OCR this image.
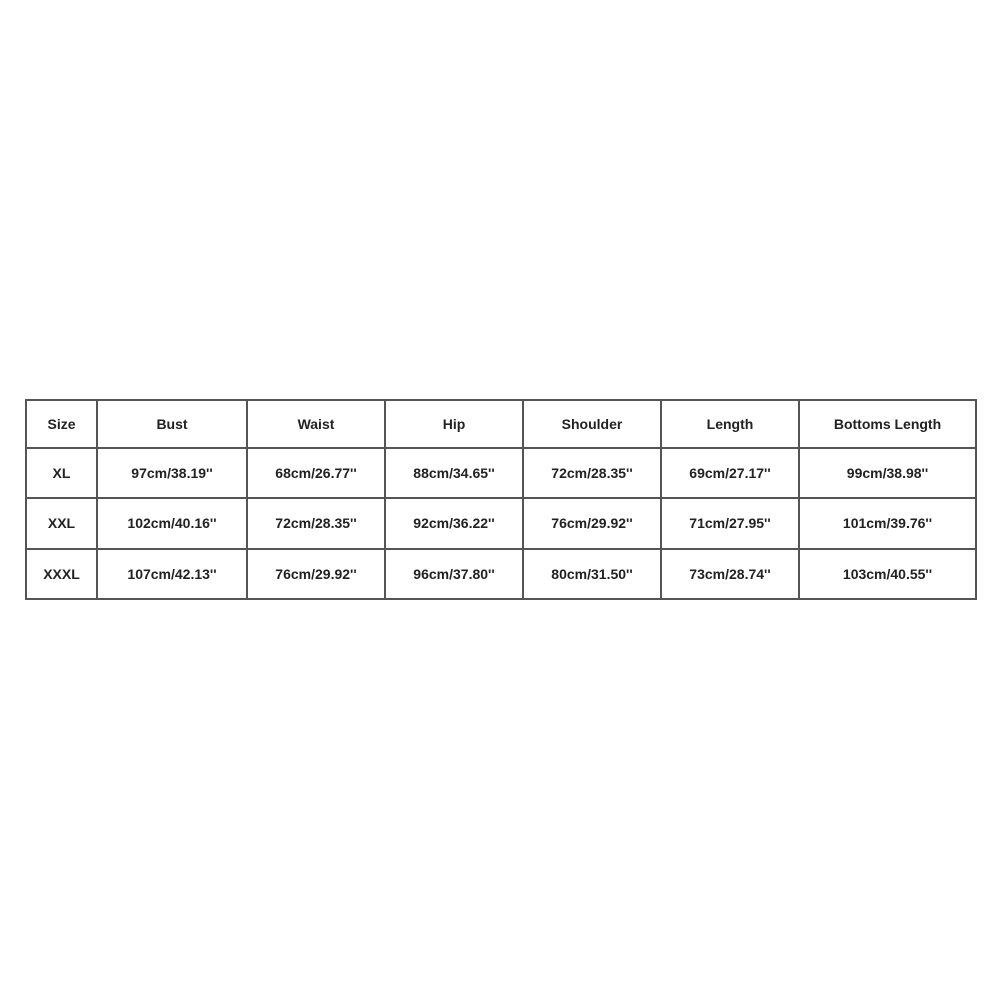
Size	Bust	Waist	Hip	Shoulder	Length	Bottoms Length
XL	97cm/38.19''	68cm/26.77''	88cm/34.65''	72cm/28.35''	69cm/27.17''	99cm/38.98''
XXL	102cm/40.16''	72cm/28.35''	92cm/36.22''	76cm/29.92''	71cm/27.95''	101cm/39.76''
XXXL	107cm/42.13''	76cm/29.92''	96cm/37.80''	80cm/31.50''	73cm/28.74''	103cm/40.55''
